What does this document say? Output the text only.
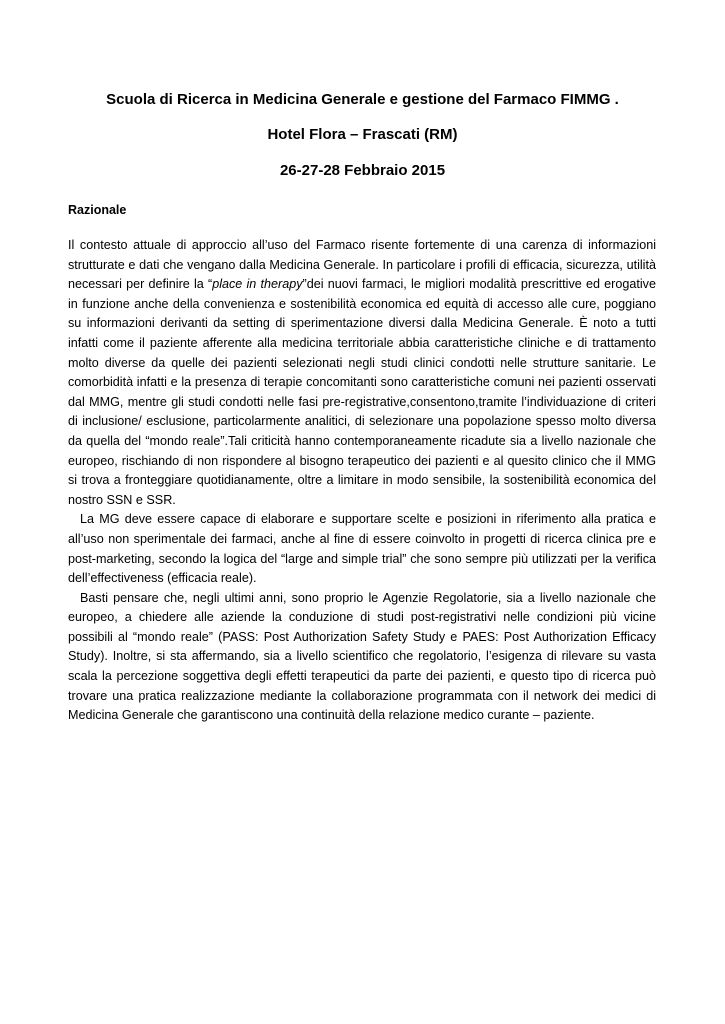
Scuola di Ricerca in Medicina Generale e gestione del Farmaco FIMMG .
Hotel Flora – Frascati (RM)
26-27-28 Febbraio 2015
Razionale

Il contesto attuale di approccio all’uso del Farmaco risente fortemente di una carenza di informazioni strutturate e dati che vengano dalla Medicina Generale. In particolare i profili di efficacia, sicurezza, utilità necessari per definire la “place in therapy”dei nuovi farmaci, le migliori modalità prescrittive ed erogative in funzione anche della convenienza e sostenibilità economica ed equità di accesso alle cure, poggiano su informazioni derivanti da setting di sperimentazione diversi dalla Medicina Generale. È noto a tutti infatti come il paziente afferente alla medicina territoriale abbia caratteristiche cliniche e di trattamento molto diverse da quelle dei pazienti selezionati negli studi clinici condotti nelle strutture sanitarie. Le comorbidità infatti e la presenza di terapie concomitanti sono caratteristiche comuni nei pazienti osservati dal MMG, mentre gli studi condotti nelle fasi pre-registrative,consentono,tramite l’individuazione di criteri di inclusione/ esclusione, particolarmente analitici, di selezionare una popolazione spesso molto diversa da quella del “mondo reale”.Tali criticità hanno contemporaneamente ricadute sia a livello nazionale che europeo, rischiando di non rispondere al bisogno terapeutico dei pazienti e al quesito clinico che il MMG si trova a fronteggiare quotidianamente, oltre a limitare in modo sensibile, la sostenibilità economica del nostro SSN e SSR.

La MG deve essere capace di elaborare e supportare scelte e posizioni in riferimento alla pratica e all’uso non sperimentale dei farmaci, anche al fine di essere coinvolto in progetti di ricerca clinica pre e post-marketing, secondo la logica del “large and simple trial” che sono sempre più utilizzati per la verifica dell’effectiveness (efficacia reale).

Basti pensare che, negli ultimi anni, sono proprio le Agenzie Regolatorie, sia a livello nazionale che europeo, a chiedere alle aziende la conduzione di studi post-registrativi nelle condizioni più vicine possibili al “mondo reale” (PASS: Post Authorization Safety Study e PAES: Post Authorization Efficacy Study). Inoltre, si sta affermando, sia a livello scientifico che regolatorio, l’esigenza di rilevare su vasta scala la percezione soggettiva degli effetti terapeutici da parte dei pazienti, e questo tipo di ricerca può trovare una pratica realizzazione mediante la collaborazione programmata con il network dei medici di Medicina Generale che garantiscono una continuità della relazione medico curante – paziente.
